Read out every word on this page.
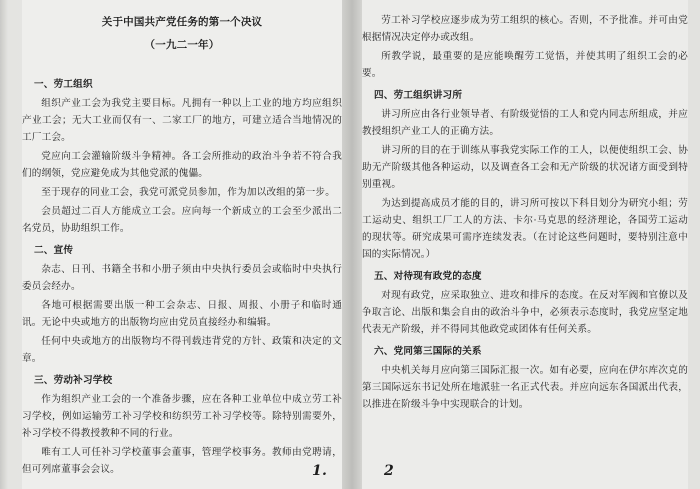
关于中国共产党任务的第一个决议
（一九二一年）
一、劳工组织
组织产业工会为我党主要目标。凡拥有一种以上工业的地方均应组织产业工会；无大工业而仅有一、二家工厂的地方，可建立适合当地情况的工厂工会。
党应向工会灌输阶级斗争精神。各工会所推动的政治斗争若不符合我们的纲领，党应避免成为其他党派的傀儡。
至于现存的同业工会，我党可派党员参加，作为加以改组的第一步。
会员超过二百人方能成立工会。应向每一个新成立的工会至少派出二名党员，协助组织工作。
二、宣传
杂志、日刊、书籍全书和小册子须由中央执行委员会或临时中央执行委员会经办。
各地可根据需要出版一种工会杂志、日报、周报、小册子和临时通讯。无论中央或地方的出版物均应由党员直接经办和编辑。
任何中央或地方的出版物均不得刊载违背党的方针、政策和决定的文章。
三、劳动补习学校
作为组织产业工会的一个准备步骤，应在各种工业单位中成立劳工补习学校，例如运输劳工补习学校和纺织劳工补习学校等。除特别需要外，补习学校不得教授教种不同的行业。
唯有工人可任补习学校董事会董事，管理学校事务。教师由党聘请，但可列席董事会会议。	1.
劳工补习学校应逐步成为劳工组织的核心。否则，不予批准。并可由党根据情况决定停办或改组。
所教学说，最重要的是应能唤醒劳工觉悟，并使其明了组织工会的必要。
四、劳工组织讲习所
讲习所应由各行业领导者、有阶级觉悟的工人和党内同志所组成，并应教授组织产业工人的正确方法。
讲习所的目的在于训练从事我党实际工作的工人，以便使组织工会、协助无产阶级其他各种运动，以及调查各工会和无产阶级的状况诸方面受到特别重视。
为达到提高成员才能的目的，讲习所可按以下科目划分为研究小组；劳工运动史、组织工厂工人的方法、卡尔·马克思的经济理论，各国劳工运动的现状等。研究成果可需序连续发表。（在讨论这些问题时，要特别注意中国的实际情况。）
五、对待现有政党的态度
对现有政党，应采取独立、进攻和排斥的态度。在反对军阀和官僚以及争取言论、出版和集会自由的政治斗争中，必须表示态度时，我党应坚定地代表无产阶级，并不得同其他政党或团体有任何关系。
六、党同第三国际的关系
中央机关每月应向第三国际汇报一次。如有必要，应向在伊尔库次克的第三国际远东书记处所在地派驻一名正式代表。并应向远东各国派出代表，以推进在阶级斗争中实现联合的计划。
2
